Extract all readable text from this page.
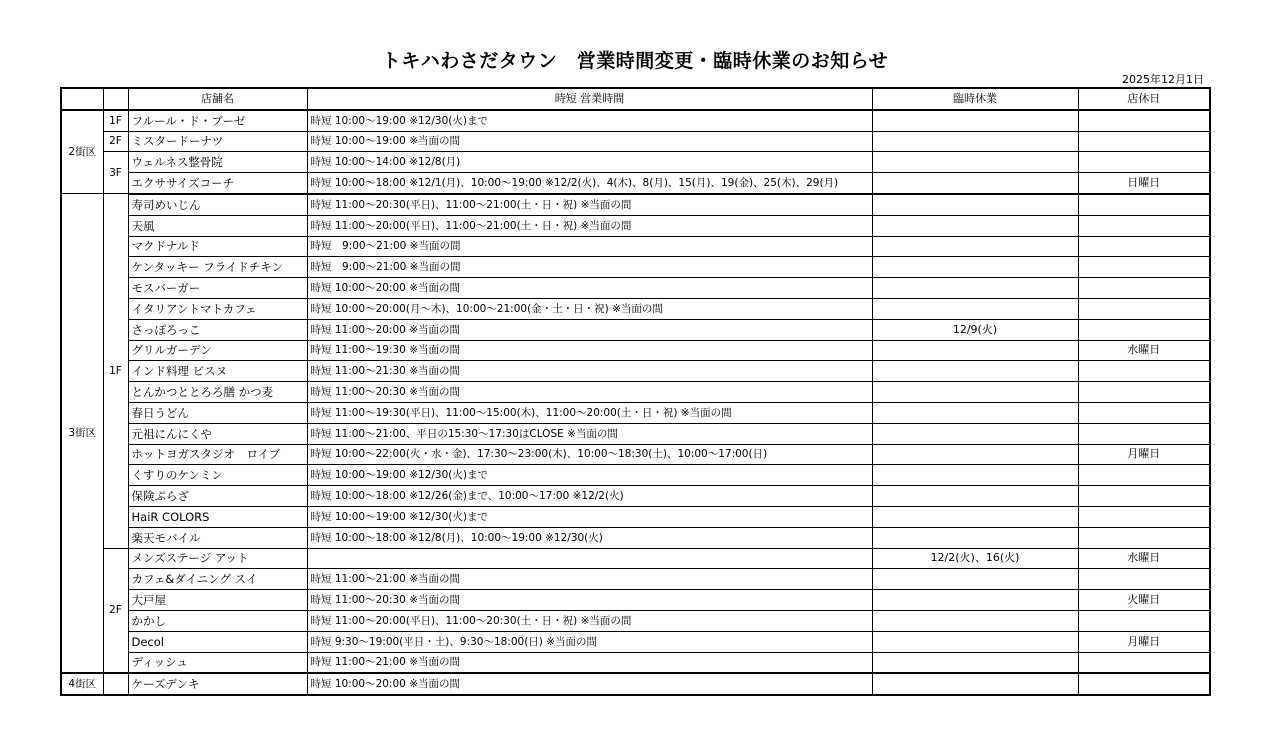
トキハわさだタウン　営業時間変更・臨時休業のお知らせ
2025年12月1日
		店舗名	時短 営業時間	臨時休業	店休日
2街区	1F	フルール・ド・ブーゼ	時短 10:00～19:00 ※12/30(火)まで		
	2F	ミスタードーナツ	時短 10:00～19:00 ※当面の間		
	3F	ウェルネス整骨院	時短 10:00～14:00 ※12/8(月)		
		エクササイズコーチ	時短 10:00～18:00 ※12/1(月)、10:00～19:00 ※12/2(火)、4(木)、8(月)、15(月)、19(金)、25(木)、29(月)		日曜日
3街区	1F	寿司めいじん	時短 11:00～20:30(平日)、11:00～21:00(土・日・祝) ※当面の間		
		天風	時短 11:00～20:00(平日)、11:00～21:00(土・日・祝) ※当面の間		
		マクドナルド	時短　9:00～21:00 ※当面の間		
		ケンタッキー フライドチキン	時短　9:00～21:00 ※当面の間		
		モスバーガー	時短 10:00～20:00 ※当面の間		
		イタリアントマトカフェ	時短 10:00～20:00(月～木)、10:00～21:00(金・土・日・祝) ※当面の間		
		さっぽろっこ	時短 11:00～20:00 ※当面の間	12/9(火)	
		グリルガーデン	時短 11:00～19:30 ※当面の間		水曜日
		インド料理 ビスヌ	時短 11:00～21:30 ※当面の間		
		とんかつととろろ膳 かつ麦	時短 11:00～20:30 ※当面の間		
		春日うどん	時短 11:00～19:30(平日)、11:00～15:00(木)、11:00～20:00(土・日・祝) ※当面の間		
		元祖にんにくや	時短 11:00～21:00、平日の15:30～17:30はCLOSE ※当面の間		
		ホットヨガスタジオ　ロイブ	時短 10:00～22:00(火・水・金)、17:30～23:00(木)、10:00～18:30(土)、10:00～17:00(日)		月曜日
		くすりのケンミン	時短 10:00～19:00 ※12/30(火)まで		
		保険ぷらざ	時短 10:00～18:00 ※12/26(金)まで、10:00～17:00 ※12/2(火)		
		HaiR COLORS	時短 10:00～19:00 ※12/30(火)まで		
		楽天モバイル	時短 10:00～18:00 ※12/8(月)、10:00～19:00 ※12/30(火)		
	2F	メンズステージ アット		12/2(火)、16(火)	水曜日
		カフェ&ダイニング スイ	時短 11:00～21:00 ※当面の間		
		大戸屋	時短 11:00～20:30 ※当面の間		火曜日
		かかし	時短 11:00～20:00(平日)、11:00～20:30(土・日・祝) ※当面の間		
		Decol	時短 9:30～19:00(平日・土)、9:30～18:00(日) ※当面の間		月曜日
		ディッシュ	時短 11:00～21:00 ※当面の間		
4街区		ケーズデンキ	時短 10:00～20:00 ※当面の間		
